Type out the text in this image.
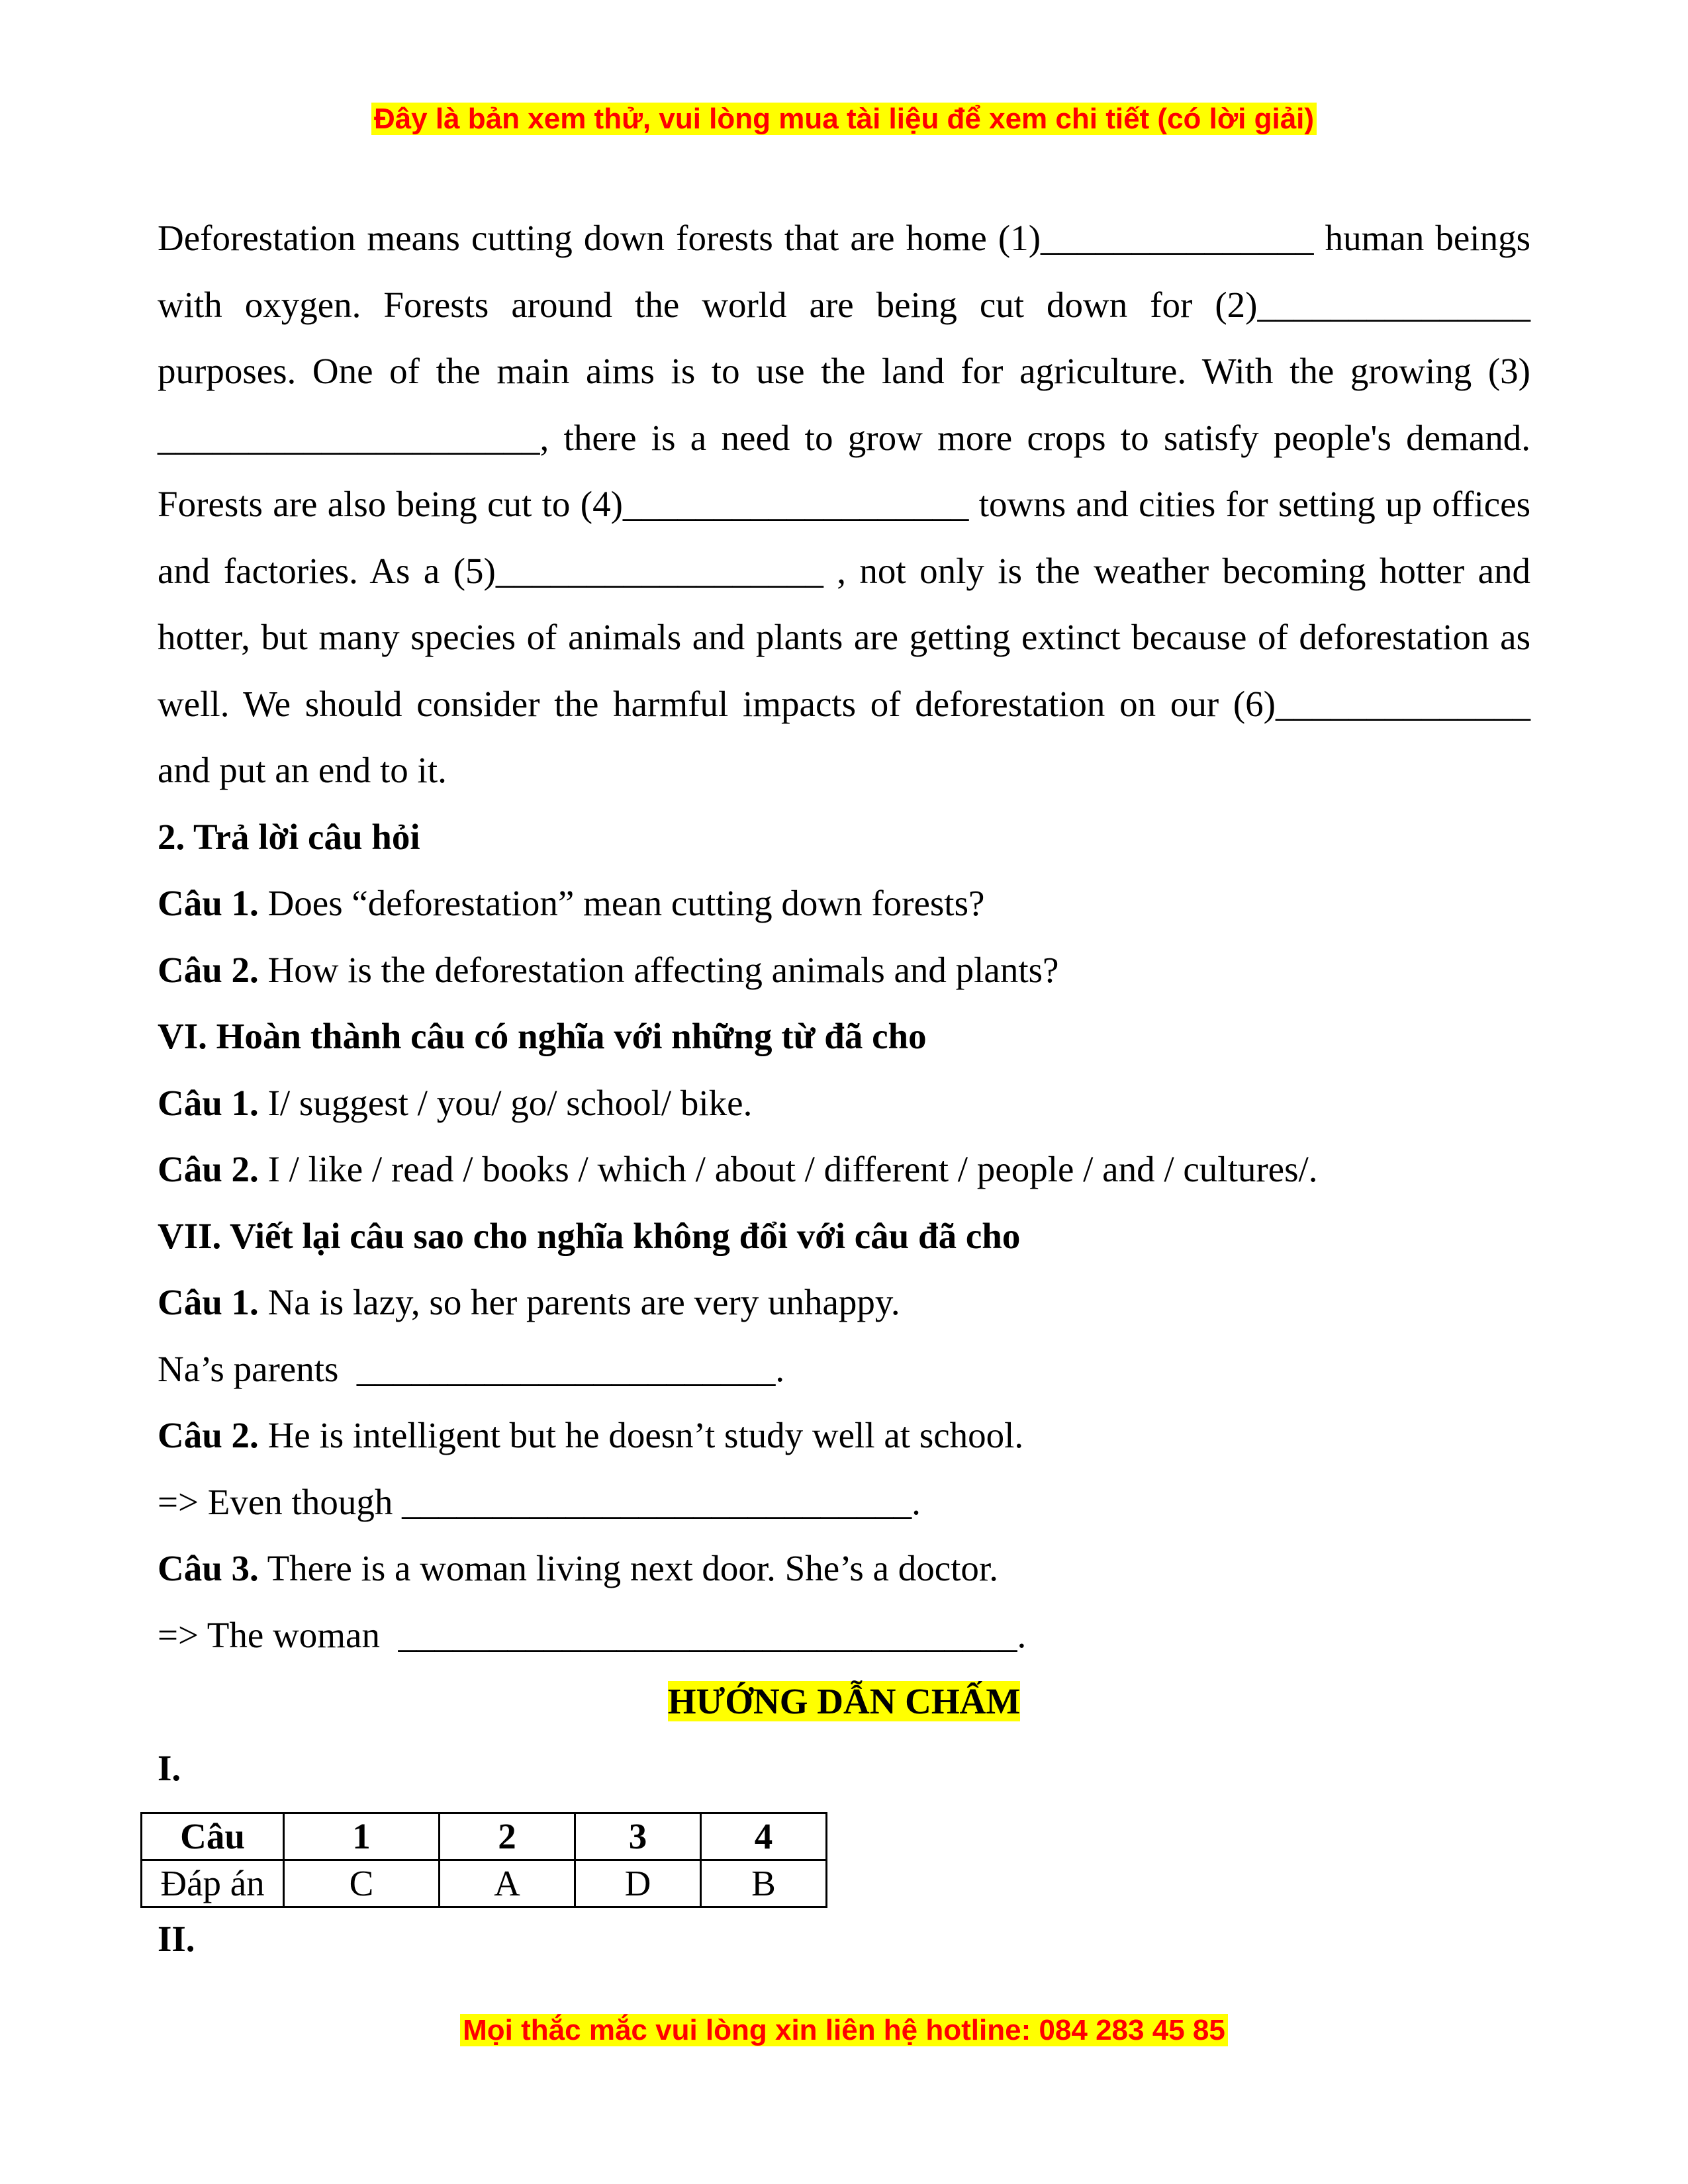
Đây là bản xem thử, vui lòng mua tài liệu để xem chi tiết (có lời giải)

Deforestation means cutting down forests that are home (1)_______________ human beings with oxygen. Forests around the world are being cut down for (2)_______________ purposes. One of the main aims is to use the land for agriculture. With the growing (3) _____________________, there is a need to grow more crops to satisfy people's demand. Forests are also being cut to (4)___________________ towns and cities for setting up offices and factories. As a (5)__________________ , not only is the weather becoming hotter and hotter, but many species of animals and plants are getting extinct because of deforestation as well. We should consider the harmful impacts of deforestation on our (6)______________ and put an end to it.

2. Trả lời câu hỏi

Câu 1. Does “deforestation” mean cutting down forests?

Câu 2. How is the deforestation affecting animals and plants?

VI. Hoàn thành câu có nghĩa với những từ đã cho

Câu 1. I/ suggest / you/ go/ school/ bike.

Câu 2. I / like / read / books / which / about / different / people / and / cultures/.

VII. Viết lại câu sao cho nghĩa không đổi với câu đã cho

Câu 1. Na is lazy, so her parents are very unhappy.

Na’s parents  _______________________.

Câu 2. He is intelligent but he doesn’t study well at school.

=> Even though ____________________________.

Câu 3. There is a woman living next door. She’s a doctor.

=> The woman  __________________________________.

HƯỚNG DẪN CHẤM

I.

Câu	1	2	3	4
Đáp án	C	A	D	B
II.
Mọi thắc mắc vui lòng xin liên hệ hotline: 084 283 45 85
